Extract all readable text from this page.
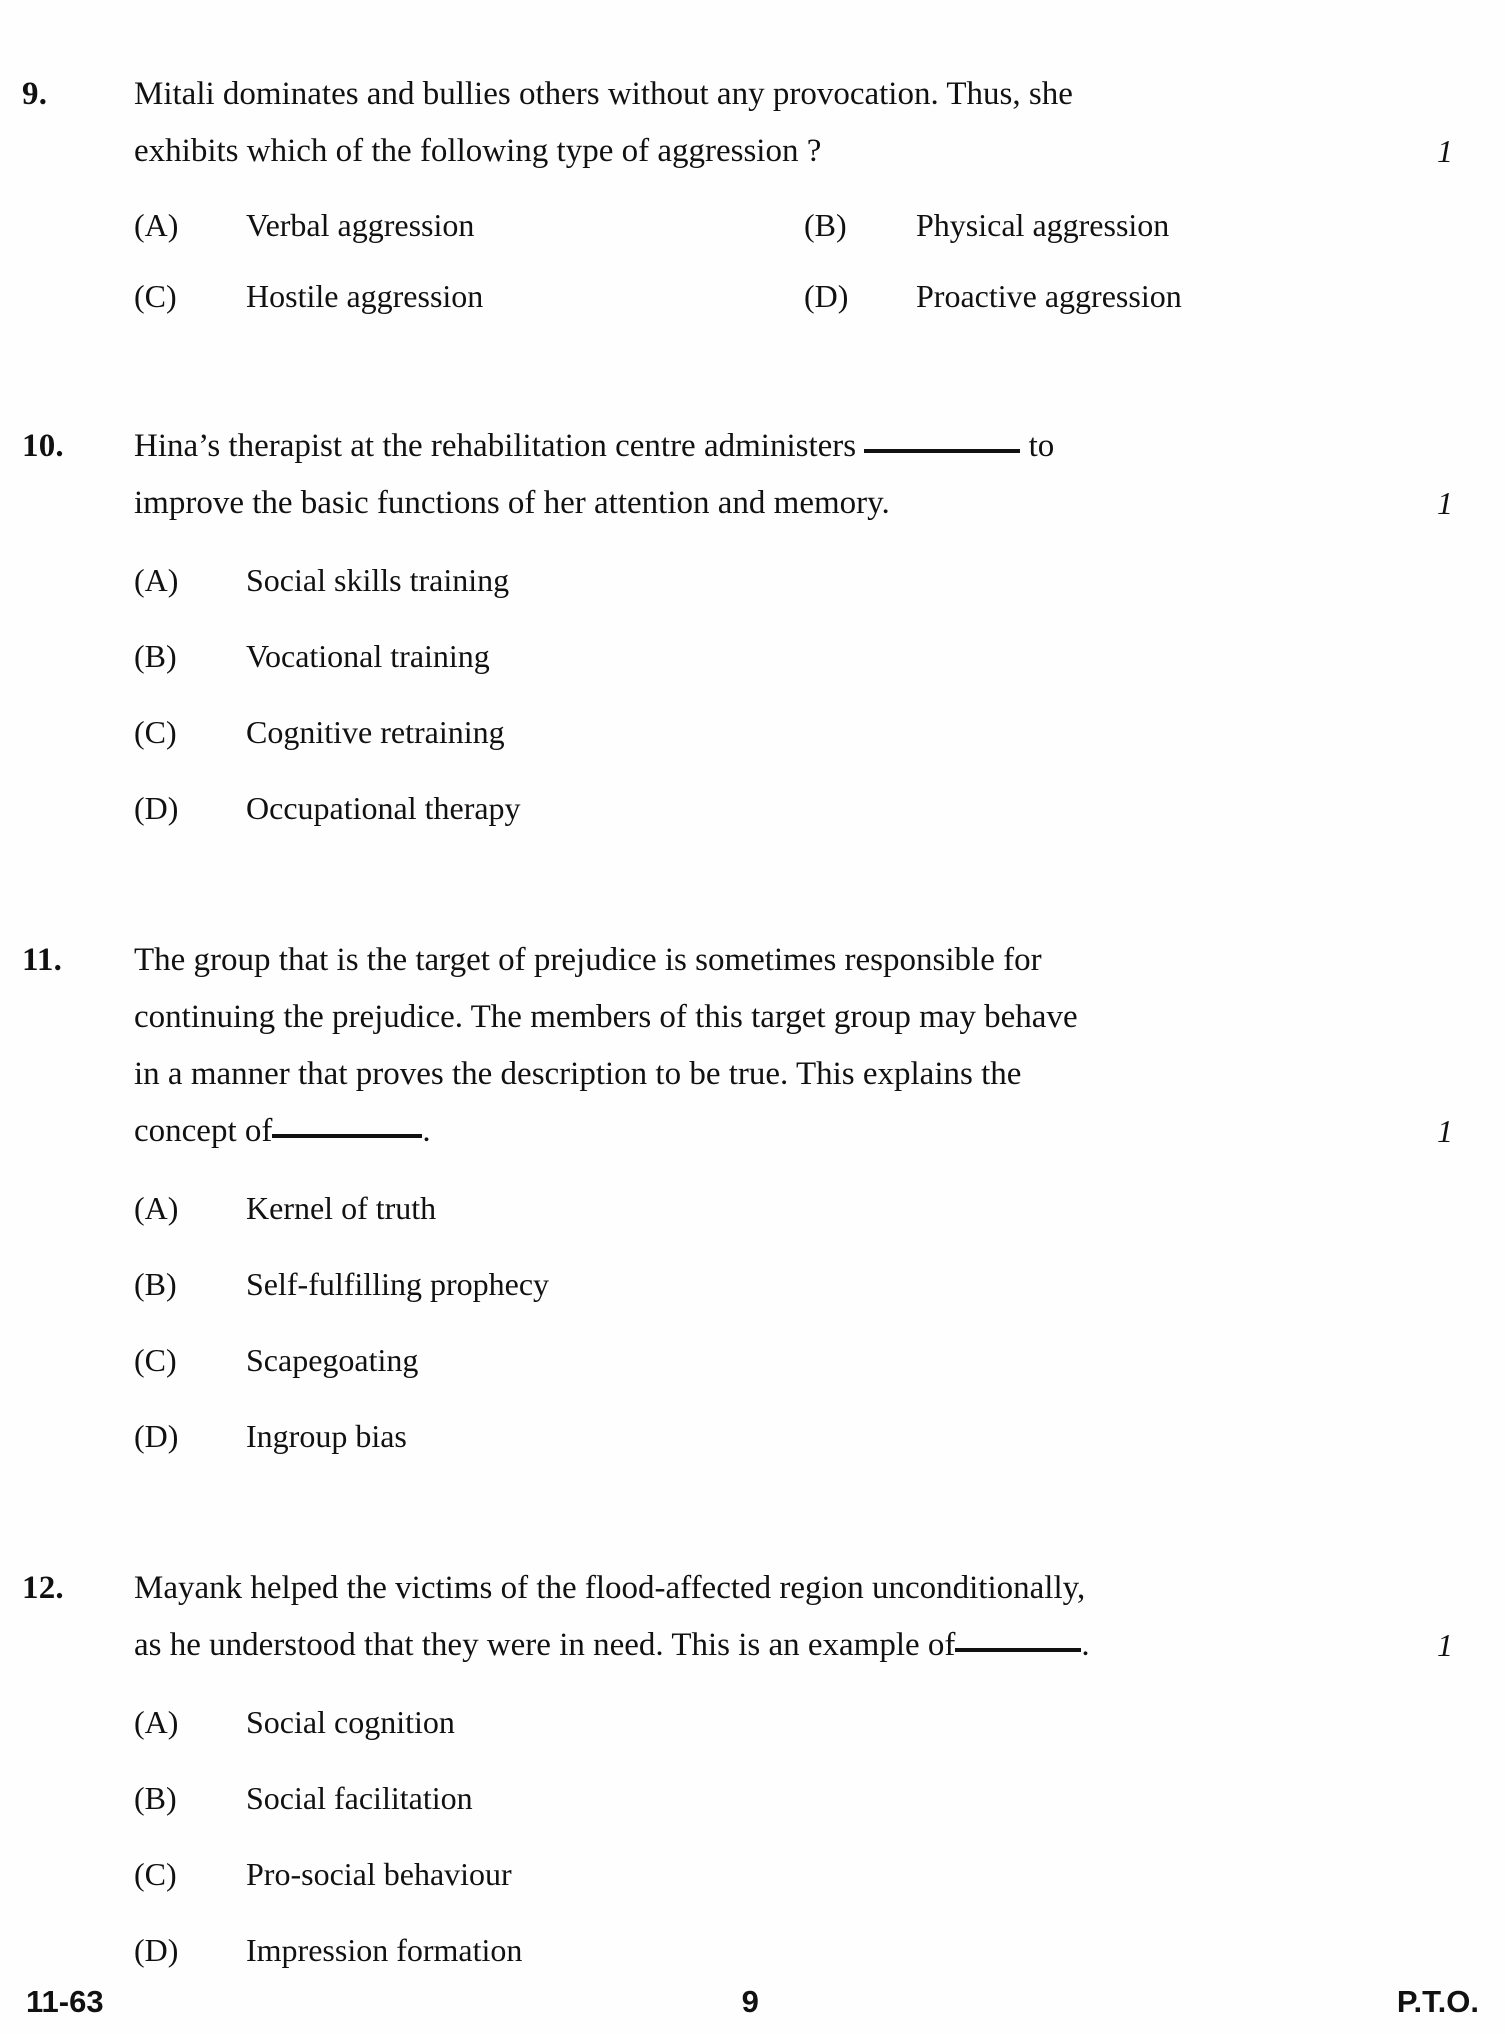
9.	Mitali dominates and bullies others without any provocation. Thus, she
exhibits which of the following type of aggression ?	1
(A)	Verbal aggression	(B)	Physical aggression
(C)	Hostile aggression	(D)	Proactive aggression
10.	Hina’s therapist at the rehabilitation centre administers	to
improve the basic functions of her attention and memory.	1
(A)	Social skills training
(B)	Vocational training
(C)	Cognitive retraining
(D)	Occupational therapy
11.	The group that is the target of prejudice is sometimes responsible for
continuing the prejudice. The members of this target group may behave
in a manner that proves the description to be true. This explains the
concept of	.	1
(A)	Kernel of truth
(B)	Self-fulfilling prophecy
(C)	Scapegoating
(D)	Ingroup bias
12.	Mayank helped the victims of the flood-affected region unconditionally,
as he understood that they were in need. This is an example of	.	1
(A)	Social cognition
(B)	Social facilitation
(C)	Pro-social behaviour
(D)	Impression formation
11-63	9	P.T.O.
